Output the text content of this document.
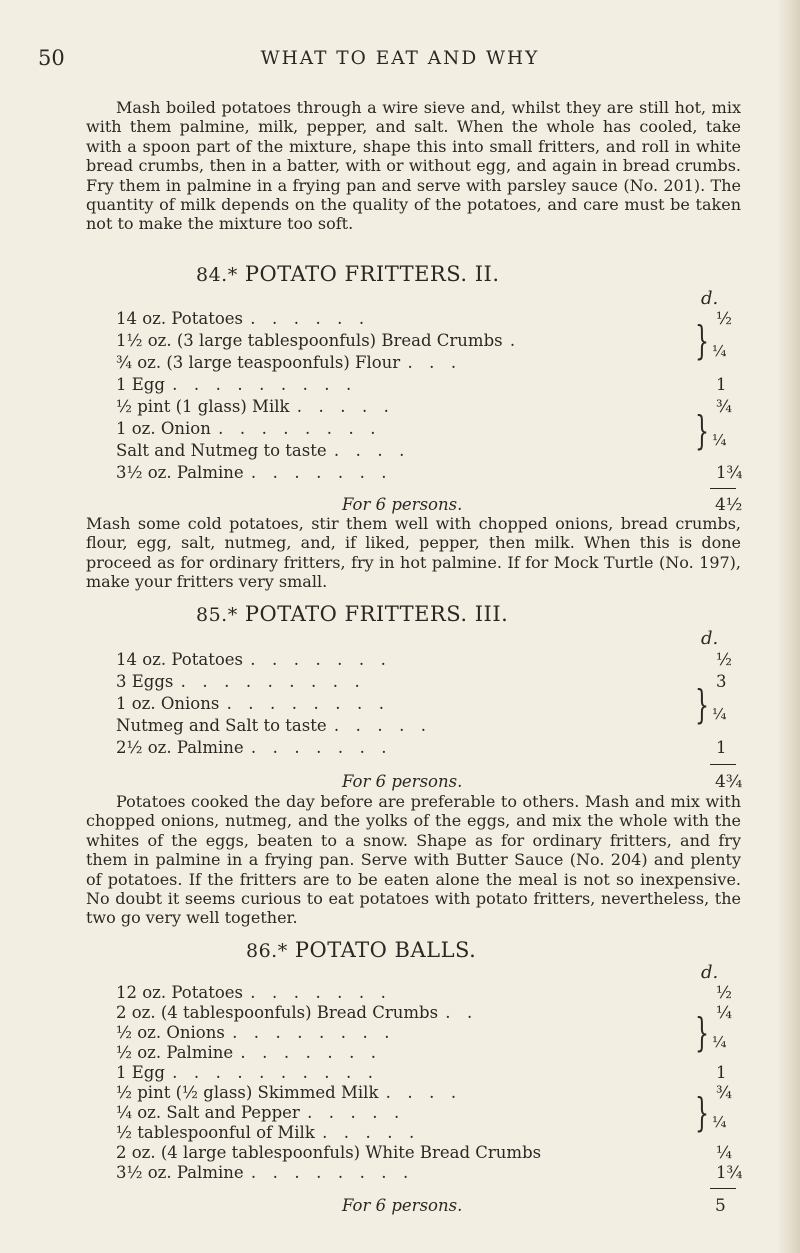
50	WHAT TO EAT AND WHY

Mash boiled potatoes through a wire sieve and, whilst they are still hot, mix with them palmine, milk, pepper, and salt. When the whole has cooled, take with a spoon part of the mixture, shape this into small fritters, and roll in white bread crumbs, then in a batter, with or without egg, and again in bread crumbs. Fry them in palmine in a frying pan and serve with parsley sauce (No. 201). The quantity of milk depends on the quality of the potatoes, and care must be taken not to make the mixture too soft.

84.* POTATO FRITTERS. II.
d.
14 oz. Potatoes .  .  .  .  .  .	½
1½ oz. (3 large tablespoonfuls) Bread Crumbs .
¾ oz. (3 large teaspoonfuls) Flour .  .  .	} ¼
1 Egg .  .  .  .  .  .  .  .  .	1
½ pint (1 glass) Milk .  .  .  .  .	¾
1 oz. Onion .  .  .  .  .  .  .  .
Salt and Nutmeg to taste .  .  .  .	} ¼
3½ oz. Palmine .  .  .  .  .  .  .	1¾
For 6 persons.	4½

Mash some cold potatoes, stir them well with chopped onions, bread crumbs, flour, egg, salt, nutmeg, and, if liked, pepper, then milk. When this is done proceed as for ordinary fritters, fry in hot palmine. If for Mock Turtle (No. 197), make your fritters very small.

85.* POTATO FRITTERS. III.
d.
14 oz. Potatoes .  .  .  .  .  .  .	½
3 Eggs .  .  .  .  .  .  .  .  .	3
1 oz. Onions .  .  .  .  .  .  .  .
Nutmeg and Salt to taste .  .  .  .  .	} ¼
2½ oz. Palmine .  .  .  .  .  .  .	1
For 6 persons.	4¾

Potatoes cooked the day before are preferable to others. Mash and mix with chopped onions, nutmeg, and the yolks of the eggs, and mix the whole with the whites of the eggs, beaten to a snow. Shape as for ordinary fritters, and fry them in palmine in a frying pan. Serve with Butter Sauce (No. 204) and plenty of potatoes. If the fritters are to be eaten alone the meal is not so inexpensive. No doubt it seems curious to eat potatoes with potato fritters, nevertheless, the two go very well together.

86.* POTATO BALLS.
d.
12 oz. Potatoes .  .  .  .  .  .  .	½
2 oz. (4 tablespoonfuls) Bread Crumbs .  .	¼
½ oz. Onions .  .  .  .  .  .  .  .
½ oz. Palmine .  .  .  .  .  .  .	} ¼
1 Egg .  .  .  .  .  .  .  .  .  .	1
½ pint (½ glass) Skimmed Milk .  .  .  .	¾
¼ oz. Salt and Pepper .  .  .  .  .
½ tablespoonful of Milk .  .  .  .  .	} ¼
2 oz. (4 large tablespoonfuls) White Bread Crumbs	¼
3½ oz. Palmine .  .  .  .  .  .  .  .	1¾
For 6 persons.	5
